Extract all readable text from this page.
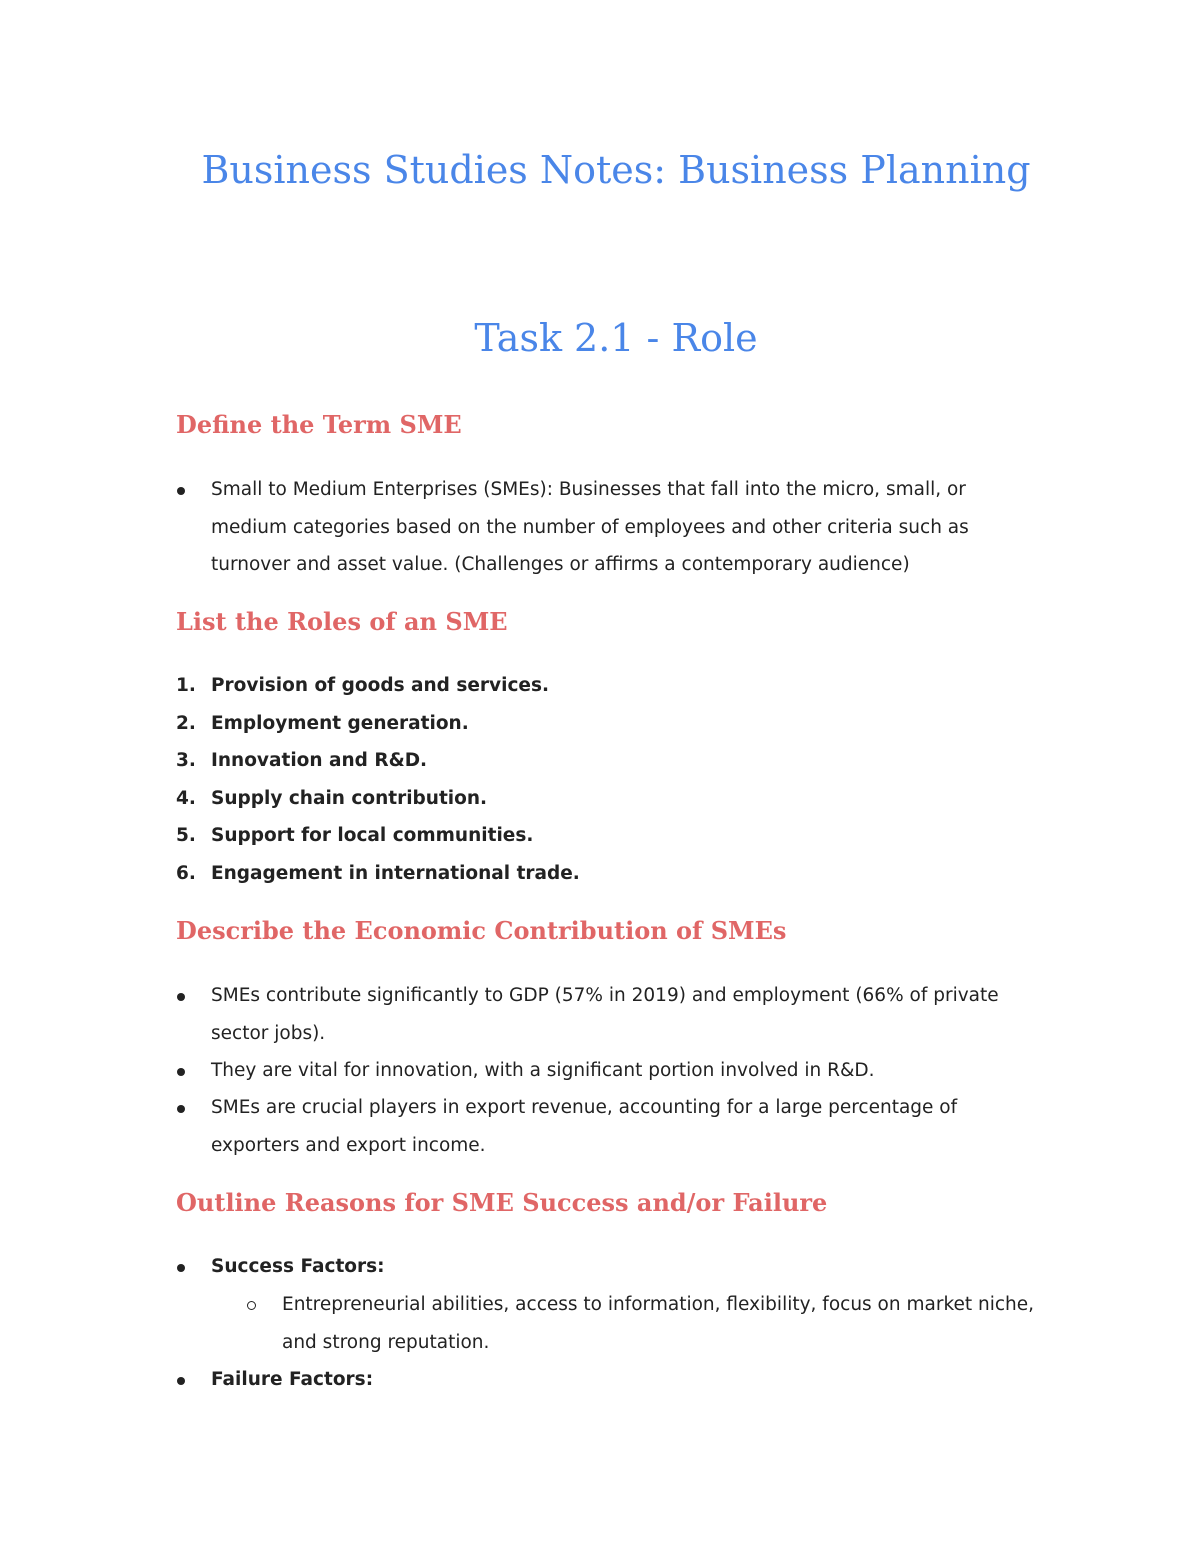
Business Studies Notes: Business Planning
Task 2.1 - Role
Define the Term SME

Small to Medium Enterprises (SMEs): Businesses that fall into the micro, small, or medium categories based on the number of employees and other criteria such as turnover and asset value. (Challenges or affirms a contemporary audience)

List the Roles of an SME
1. Provision of goods and services.
2. Employment generation.
3. Innovation and R&D.
4. Supply chain contribution.
5. Support for local communities.
6. Engagement in international trade.
Describe the Economic Contribution of SMEs

SMEs contribute significantly to GDP (57% in 2019) and employment (66% of private sector jobs).

They are vital for innovation, with a significant portion involved in R&D.

SMEs are crucial players in export revenue, accounting for a large percentage of exporters and export income.

Outline Reasons for SME Success and/or Failure

Success Factors:

Entrepreneurial abilities, access to information, flexibility, focus on market niche, and strong reputation.

Failure Factors:
